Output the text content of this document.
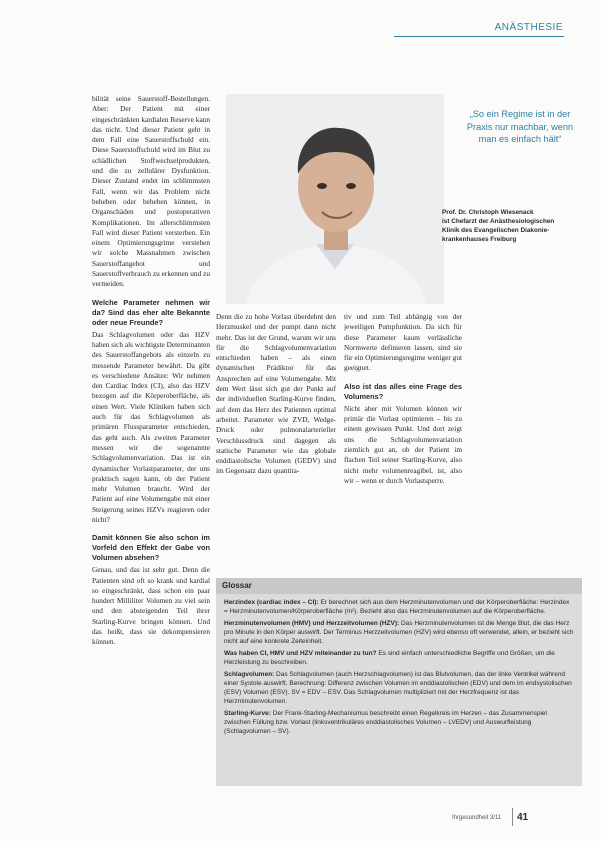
ANÄSTHESIE

bilität seine Sauerstoff-Bestellungen. Aber: Der Patient mit einer eingeschränkten kardialen Reserve kann das nicht. Und dieser Patient geht in dem Fall eine Sauerstoffschuld ein. Diese Sauerstoffschuld wird im Blut zu schädlichen Stoffwechselprodukten, und die zu zellulärer Dysfunktion. Dieser Zustand endet im schlimmsten Fall, wenn wir das Problem nicht beheben oder beheben können, in Organschäden und postoperativen Komplikationen. Im allerschlimmsten Fall wird dieser Patient versterben. Ein einem Optimierungsgrime verstehen wir solche Massnahmen zwischen Sauerstoffangebot und Sauerstoffverbrauch zu erkennen und zu vermeiden.

Welche Parameter nehmen wir da? Sind das eher alte Bekannte oder neue Freunde?

Das Schlagvolumen oder das HZV haben sich als wichtigste Determinanten des Sauerstoffangebots als einzeln zu messende Parameter bewährt. Da gibt es verschiedene Ansätze: Wir nehmen den Cardiac Index (CI), also das HZV bezogen auf die Körperoberfläche, als einen Wert. Viele Kliniken haben sich auch für das Schlagvolumen als primären Flussparameter entschieden, das geht auch. Als zweiten Parameter messen wir die sogenannte Schlagvolumenvariation. Das ist ein dynamischer Vorlastparameter, der uns praktisch sagen kann, ob der Patient mehr Volumen braucht. Wird der Patient auf eine Volumengabe mit einer Steigerung seines HZVs reagieren oder nicht?

Damit können Sie also schon im Vorfeld den Effekt der Gabe von Volumen absehen?

Genau, und das ist sehr gut. Denn die Patienten sind oft so krank und kardial so eingeschränkt, dass schon ein paar hundert Milliliter Volumen zu viel sein und den absteigenden Teil ihrer Starling-Kurve bringen können. Und das heißt, dass sie dekompensieren können.

„So ein Regime ist in der Praxis nur machbar, wenn man es einfach hält“
Prof. Dr. Christoph Wiesenack
ist Chefarzt der Anästhesiologischen
Klinik des Evangelischen Diakonie-
krankenhauses Freiburg

Denn die zu hohe Vorlast überdehnt den Herzmuskel und der pumpt dann nicht mehr. Das ist der Grund, warum wir uns für die Schlagvolumenvariation entschieden haben – als einen dynamischen Prädiktor für das Ansprechen auf eine Volumengabe. Mit dem Wert lässt sich gut der Punkt auf der individuellen Starling-Kurve finden, auf dem das Herz des Patienten optimal arbeitet. Parameter wie ZVD, Wedge-Druck oder pulmonalarterieller Verschlussdruck sind dagegen als statische Parameter wie das globale enddiastolische Volumen (GEDV) sind im Gegensatz dazu quantita-

tiv und zum Teil abhängig von der jeweiligen Pumpfunktion. Da sich für diese Parameter kaum verlässliche Normwerte definieren lassen, sind sie für ein Optimierungsregime weniger gut geeignet.

Also ist das alles eine Frage des Volumens?

Nicht aber mit Volumen können wir primär die Vorlast optimieren – bis zu einem gewissen Punkt. Und dort zeigt uns die Schlagvolumenvariation ziemlich gut an, ob der Patient im flachen Teil seiner Starling-Kurve, also nicht mehr volumenreagibel, ist, also wir – wenn er durch Vorlastsperre.

Glossar
Herzindex (cardiac index – CI): Er berechnet sich aus dem Herzminutenvolumen und der Körperoberfläche: Herzindex = Herzminutenvolumen/Körperoberfläche (m²). Bezieht also das Herzminutenvolumen auf die Körperoberfläche.
Herzminutenvolumen (HMV) und Herzzeitvolumen (HZV): Das Herzminutenvolumen ist die Menge Blut, die das Herz pro Minute in den Körper auswirft. Der Terminus Herzzeitvolumen (HZV) wird ebenso oft verwendet, allein, er bezieht sich nicht auf eine konkrete Zeiteinheit.
Was haben CI, HMV und HZV miteinander zu tun? Es sind einfach unterschiedliche Begriffe und Größen, um die Herzleistung zu beschreiben.
Schlagvolumen: Das Schlagvolumen (auch Herzschlagvolumen) ist das Blutvolumen, das der linke Ventrikel während einer Systole auswirft. Berechnung: Differenz zwischen Volumen im enddiastolischen (EDV) und dem im endsystolischen (ESV) Volumen (ESV). SV = EDV – ESV. Das Schlagvolumen multipliziert mit der Herzfrequenz ist das Herzminutenvolumen.
Starling-Kurve: Der Frank-Starling-Mechanismus beschreibt einen Regelkreis im Herzen – das Zusammenspiel zwischen Füllung bzw. Vorlast (linksventrikuläres enddiastolisches Volumen – LVEDV) und Auswurfleistung (Schlagvolumen – SV).
Ihrgesundheit 3/11 41
